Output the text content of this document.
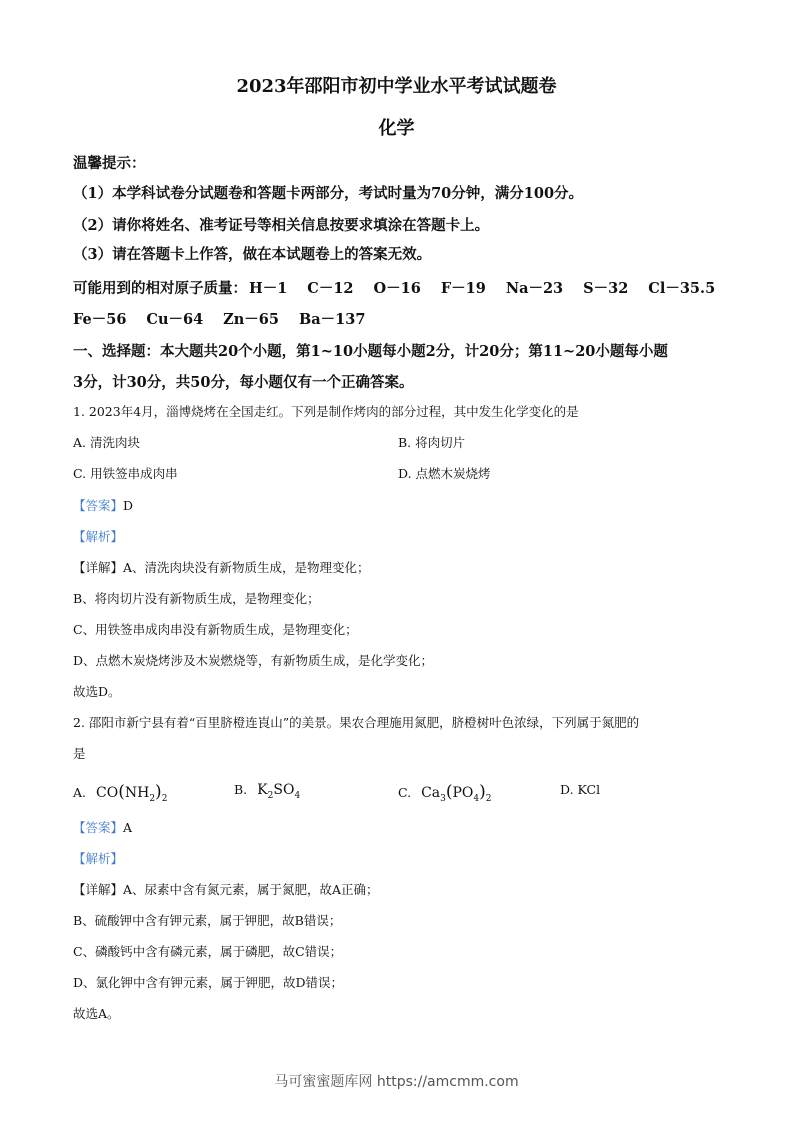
2023年邵阳市初中学业水平考试试题卷
化学
温馨提示：
（1）本学科试卷分试题卷和答题卡两部分，考试时量为70分钟，满分100分。
（2）请你将姓名、准考证号等相关信息按要求填涂在答题卡上。
（3）请在答题卡上作答，做在本试题卷上的答案无效。
可能用到的相对原子质量： H－1 C－12 O－16 F－19 Na－23 S－32 Cl－35.5
Fe－56 Cu－64 Zn－65 Ba－137
一、选择题：本大题共20个小题，第1~10小题每小题2分，计20分；第11~20小题每小题
3分，计30分，共50分，每小题仅有一个正确答案。
1. 2023年4月，淄博烧烤在全国走红。下列是制作烤肉的部分过程，其中发生化学变化的是
A. 清洗肉块	B. 将肉切片
C. 用铁签串成肉串	D. 点燃木炭烧烤
【答案】D
【解析】
【详解】A、清洗肉块没有新物质生成，是物理变化；
B、将肉切片没有新物质生成，是物理变化；
C、用铁签串成肉串没有新物质生成，是物理变化；
D、点燃木炭烧烤涉及木炭燃烧等，有新物质生成，是化学变化；
故选D。
2. 邵阳市新宁县有着“百里脐橙连崀山”的美景。果农合理施用氮肥，脐橙树叶色浓绿，下列属于氮肥的
是
A. $CO(NH_2)_2$
B. $K_2SO_4$	C. $Ca_3(PO_4)_2$
D. KCl
【答案】A
【解析】
【详解】A、尿素中含有氮元素，属于氮肥，故A正确；
B、硫酸钾中含有钾元素，属于钾肥，故B错误；
C、磷酸钙中含有磷元素，属于磷肥，故C错误；
D、氯化钾中含有钾元素，属于钾肥，故D错误；
故选A。
马可蜜蜜题库网 https://amcmm.com
